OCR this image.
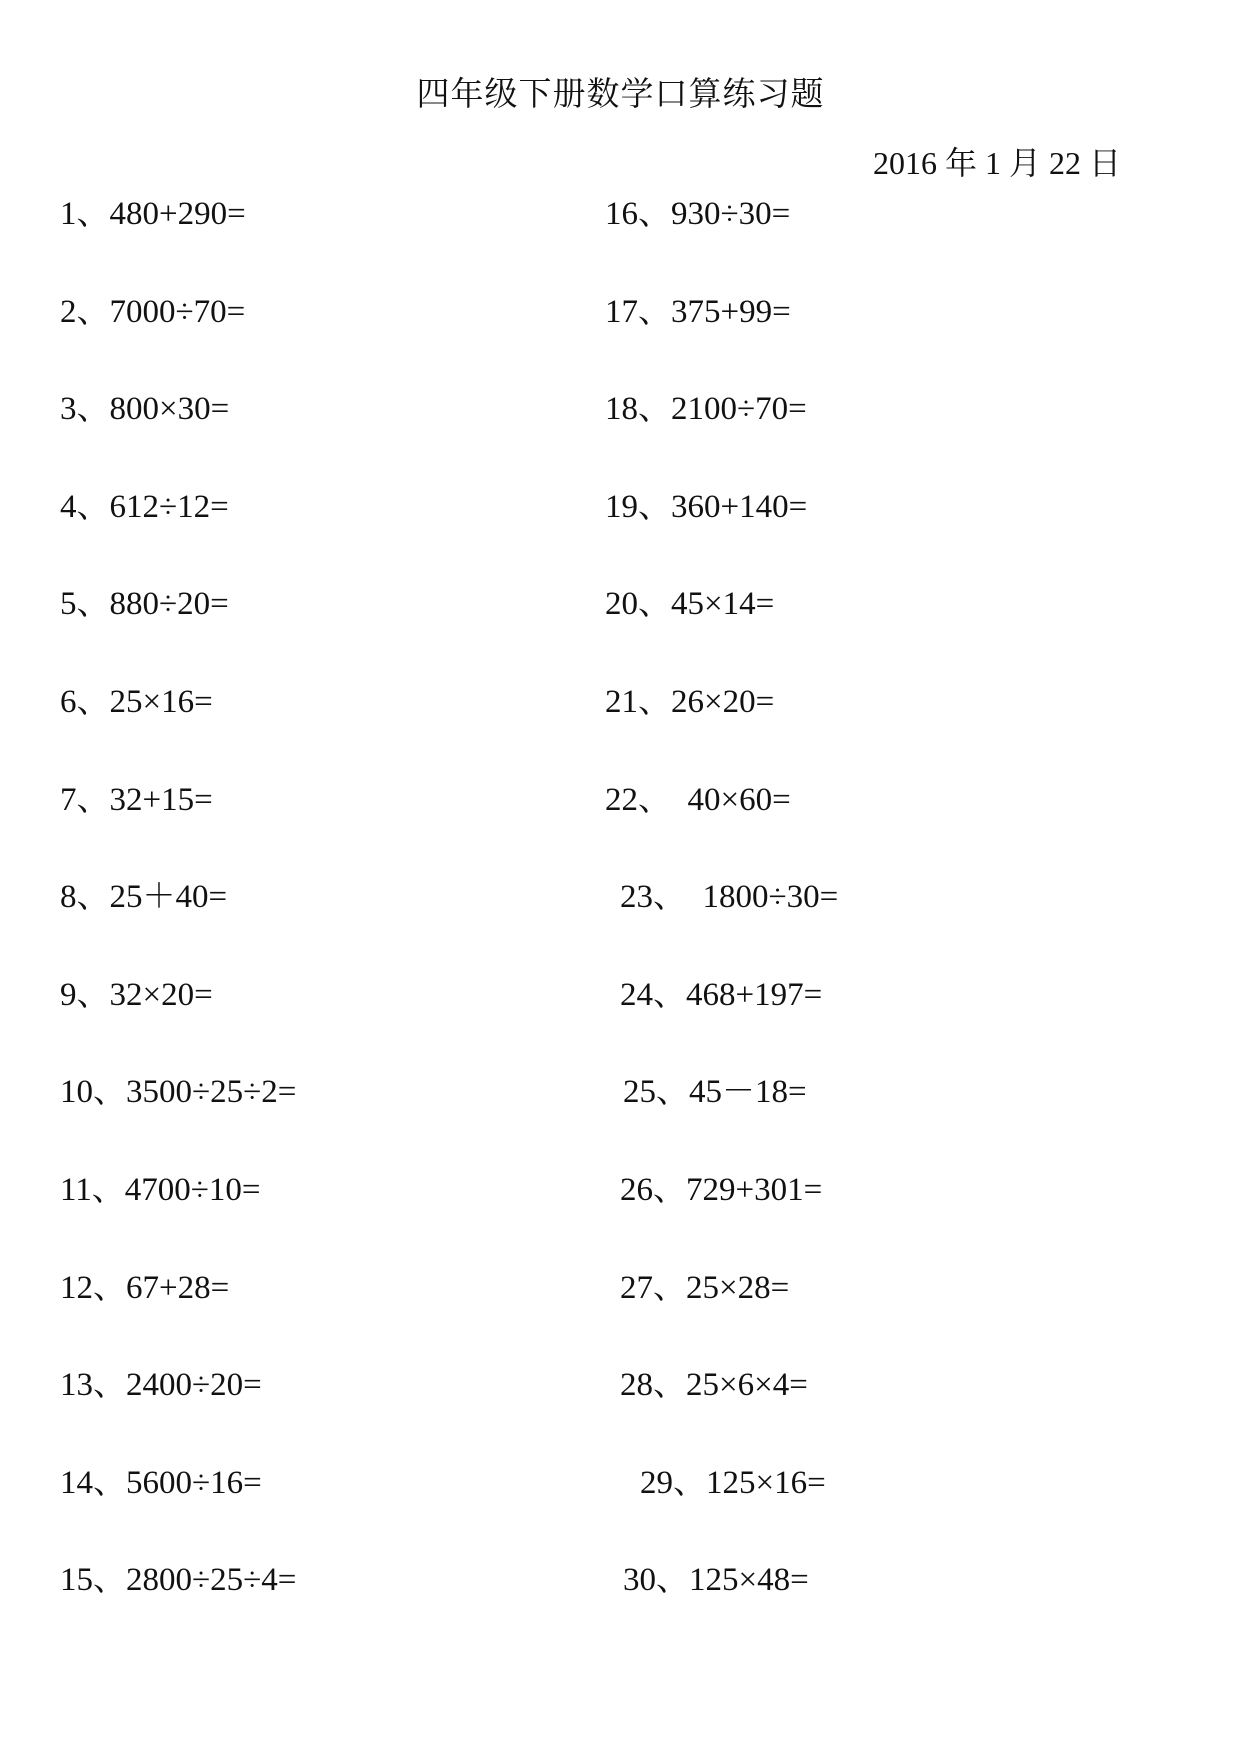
四年级下册数学口算练习题
2016 年 1 月 22 日
1、480+290=
2、7000÷70=
3、800×30=
4、612÷12=
5、880÷20=
6、25×16=
7、32+15=
8、25＋40=
9、32×20=
10、3500÷25÷2=
11、4700÷10=
12、67+28=
13、2400÷20=
14、5600÷16=
15、2800÷25÷4=
16、930÷30=
17、375+99=
18、2100÷70=
19、360+140=
20、45×14=
21、26×20=
22、  40×60=
23、  1800÷30=
24、468+197=
25、45－18=
26、729+301=
27、25×28=
28、25×6×4=
29、125×16=
30、125×48=
